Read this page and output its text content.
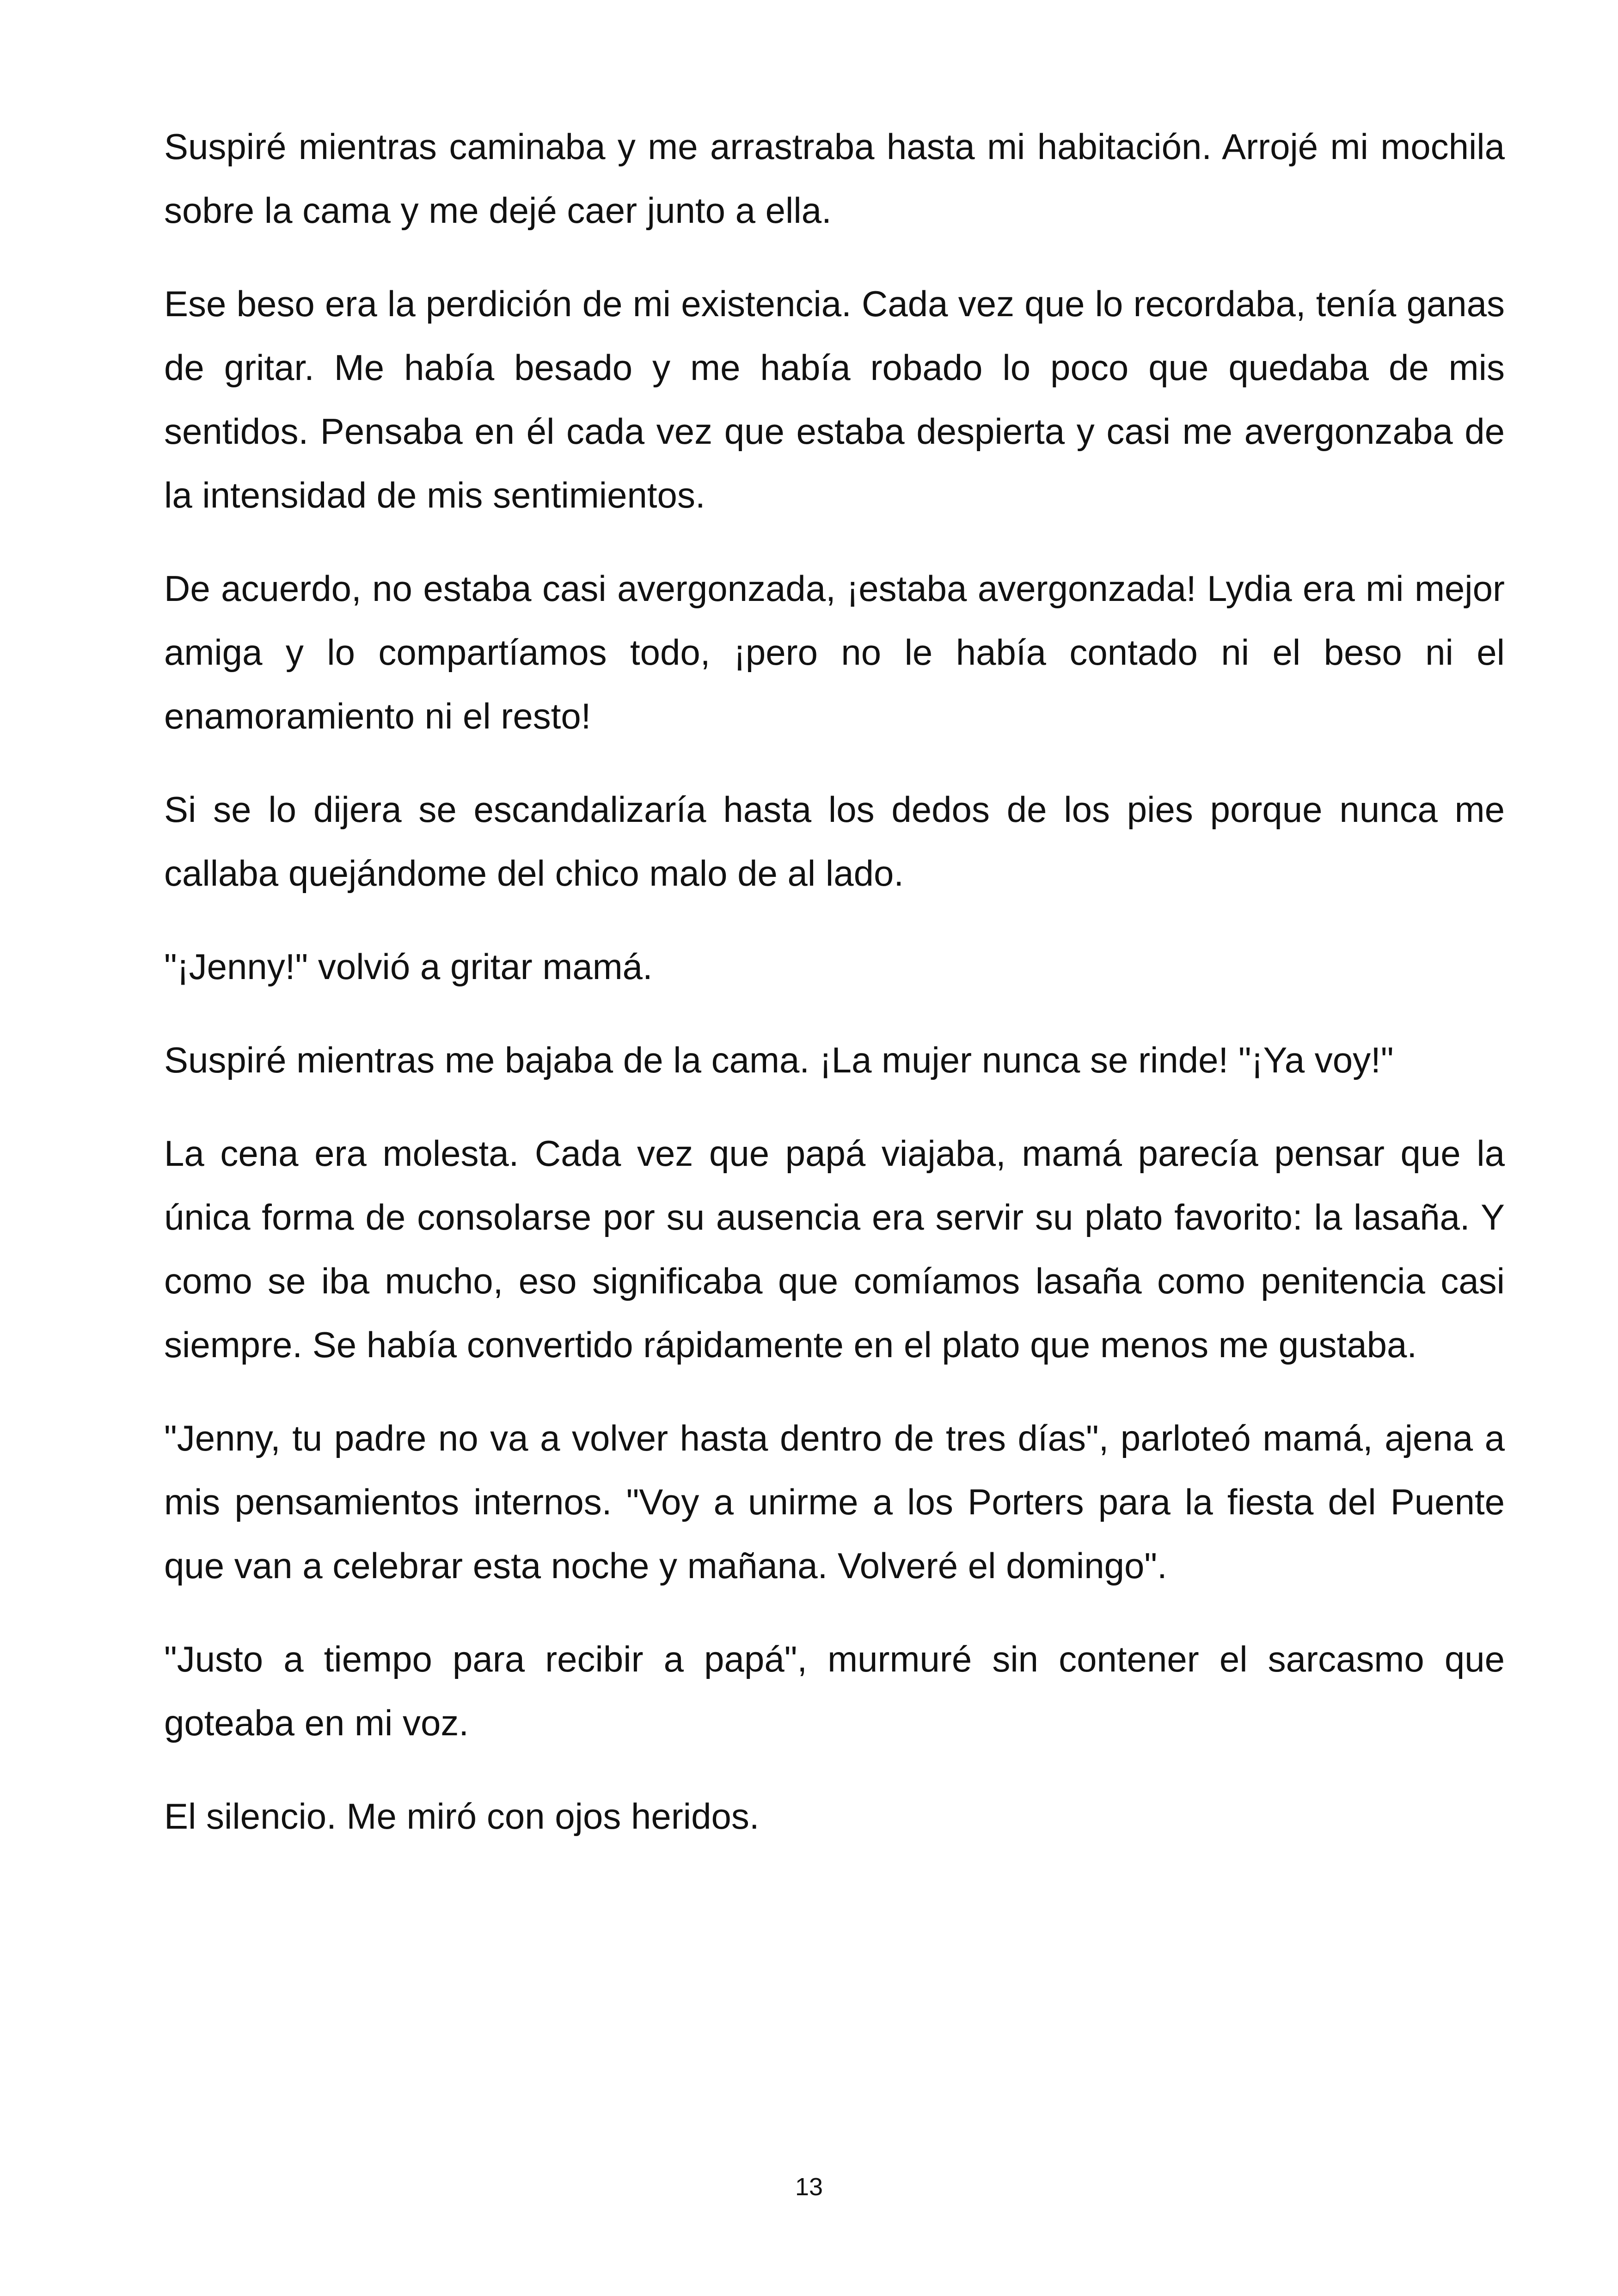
Suspiré mientras caminaba y me arrastraba hasta mi habitación. Arrojé mi mochila sobre la cama y me dejé caer junto a ella.

Ese beso era la perdición de mi existencia. Cada vez que lo recordaba, tenía ganas de gritar. Me había besado y me había robado lo poco que quedaba de mis sentidos. Pensaba en él cada vez que estaba despierta y casi me avergonzaba de la intensidad de mis sentimientos.

De acuerdo, no estaba casi avergonzada, ¡estaba avergonzada! Lydia era mi mejor amiga y lo compartíamos todo, ¡pero no le había contado ni el beso ni el enamoramiento ni el resto!

Si se lo dijera se escandalizaría hasta los dedos de los pies porque nunca me callaba quejándome del chico malo de al lado.

"¡Jenny!" volvió a gritar mamá.

Suspiré mientras me bajaba de la cama. ¡La mujer nunca se rinde! "¡Ya voy!"

La cena era molesta. Cada vez que papá viajaba, mamá parecía pensar que la única forma de consolarse por su ausencia era servir su plato favorito: la lasaña. Y como se iba mucho, eso significaba que comíamos lasaña como penitencia casi siempre. Se había convertido rápidamente en el plato que menos me gustaba.

"Jenny, tu padre no va a volver hasta dentro de tres días", parloteó mamá, ajena a mis pensamientos internos. "Voy a unirme a los Porters para la fiesta del Puente que van a celebrar esta noche y mañana. Volveré el domingo".

"Justo a tiempo para recibir a papá", murmuré sin contener el sarcasmo que goteaba en mi voz.

El silencio. Me miró con ojos heridos.

13
